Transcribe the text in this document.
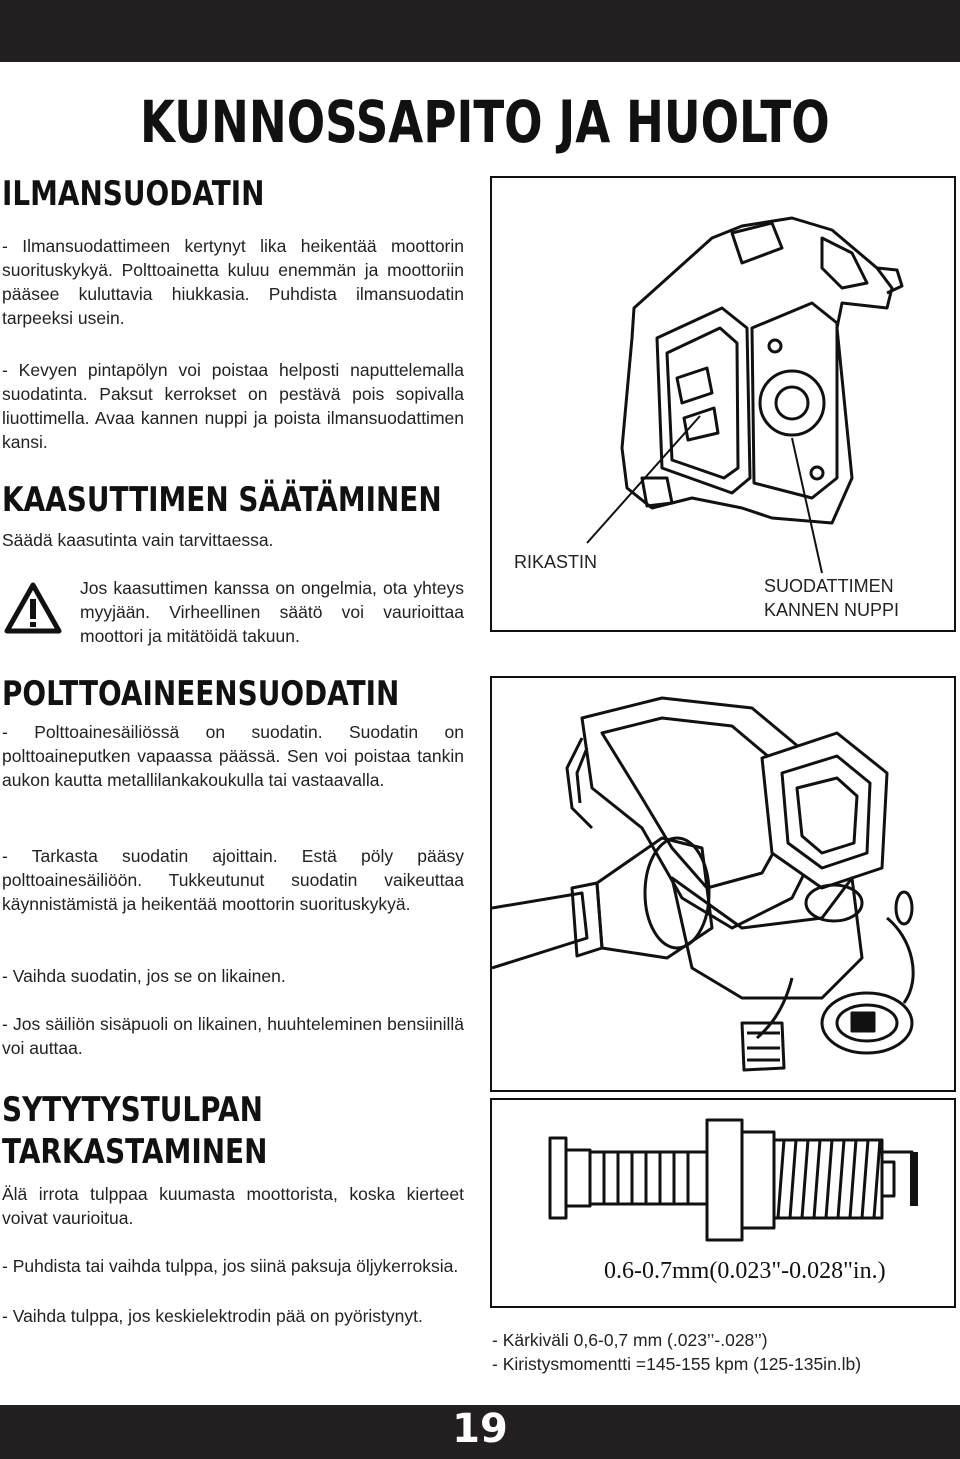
KUNNOSSAPITO JA HUOLTO
ILMANSUODATIN

- Ilmansuodattimeen kertynyt lika heikentää moottorin suorituskykyä. Polttoainetta kuluu enemmän ja moottoriin pääsee kuluttavia hiukkasia. Puhdista ilmansuodatin tarpeeksi usein.

- Kevyen pintapölyn voi poistaa helposti naputtelemalla suodatinta. Paksut kerrokset on pestävä pois sopivalla liuottimella. Avaa kannen nuppi ja poista ilmansuodattimen kansi.

KAASUTTIMEN SÄÄTÄMINEN

Säädä kaasutinta vain tarvittaessa.

Jos kaasuttimen kanssa on ongelmia, ota yhteys myyjään. Virheellinen säätö voi vaurioittaa moottori ja mitätöidä takuun.

POLTTOAINEENSUODATIN

- Polttoainesäiliössä on suodatin. Suodatin on polttoaineputken vapaassa päässä. Sen voi poistaa tankin aukon kautta metallilankakoukulla tai vastaavalla.

- Tarkasta suodatin ajoittain. Estä pöly pääsy polttoainesäiliöön. Tukkeutunut suodatin vaikeuttaa käynnistämistä ja heikentää moottorin suorituskykyä.

- Vaihda suodatin, jos se on likainen.

- Jos säiliön sisäpuoli on likainen, huuhteleminen bensiinillä voi auttaa.

SYTYTYSTULPAN
TARKASTAMINEN

Älä irrota tulppaa kuumasta moottorista, koska kierteet voivat vaurioitua.

- Puhdista tai vaihda tulppa, jos siinä paksuja öljykerroksia.

- Vaihda tulppa, jos keskielektrodin pää on pyöristynyt.

RIKASTIN

SUODATTIMEN

KANNEN NUPPI

0.6-0.7mm(0.023"-0.028"in.)

- Kärkiväli 0,6-0,7 mm (.023’’-.028’’)

- Kiristysmomentti =145-155 kpm (125-135in.lb)

19
